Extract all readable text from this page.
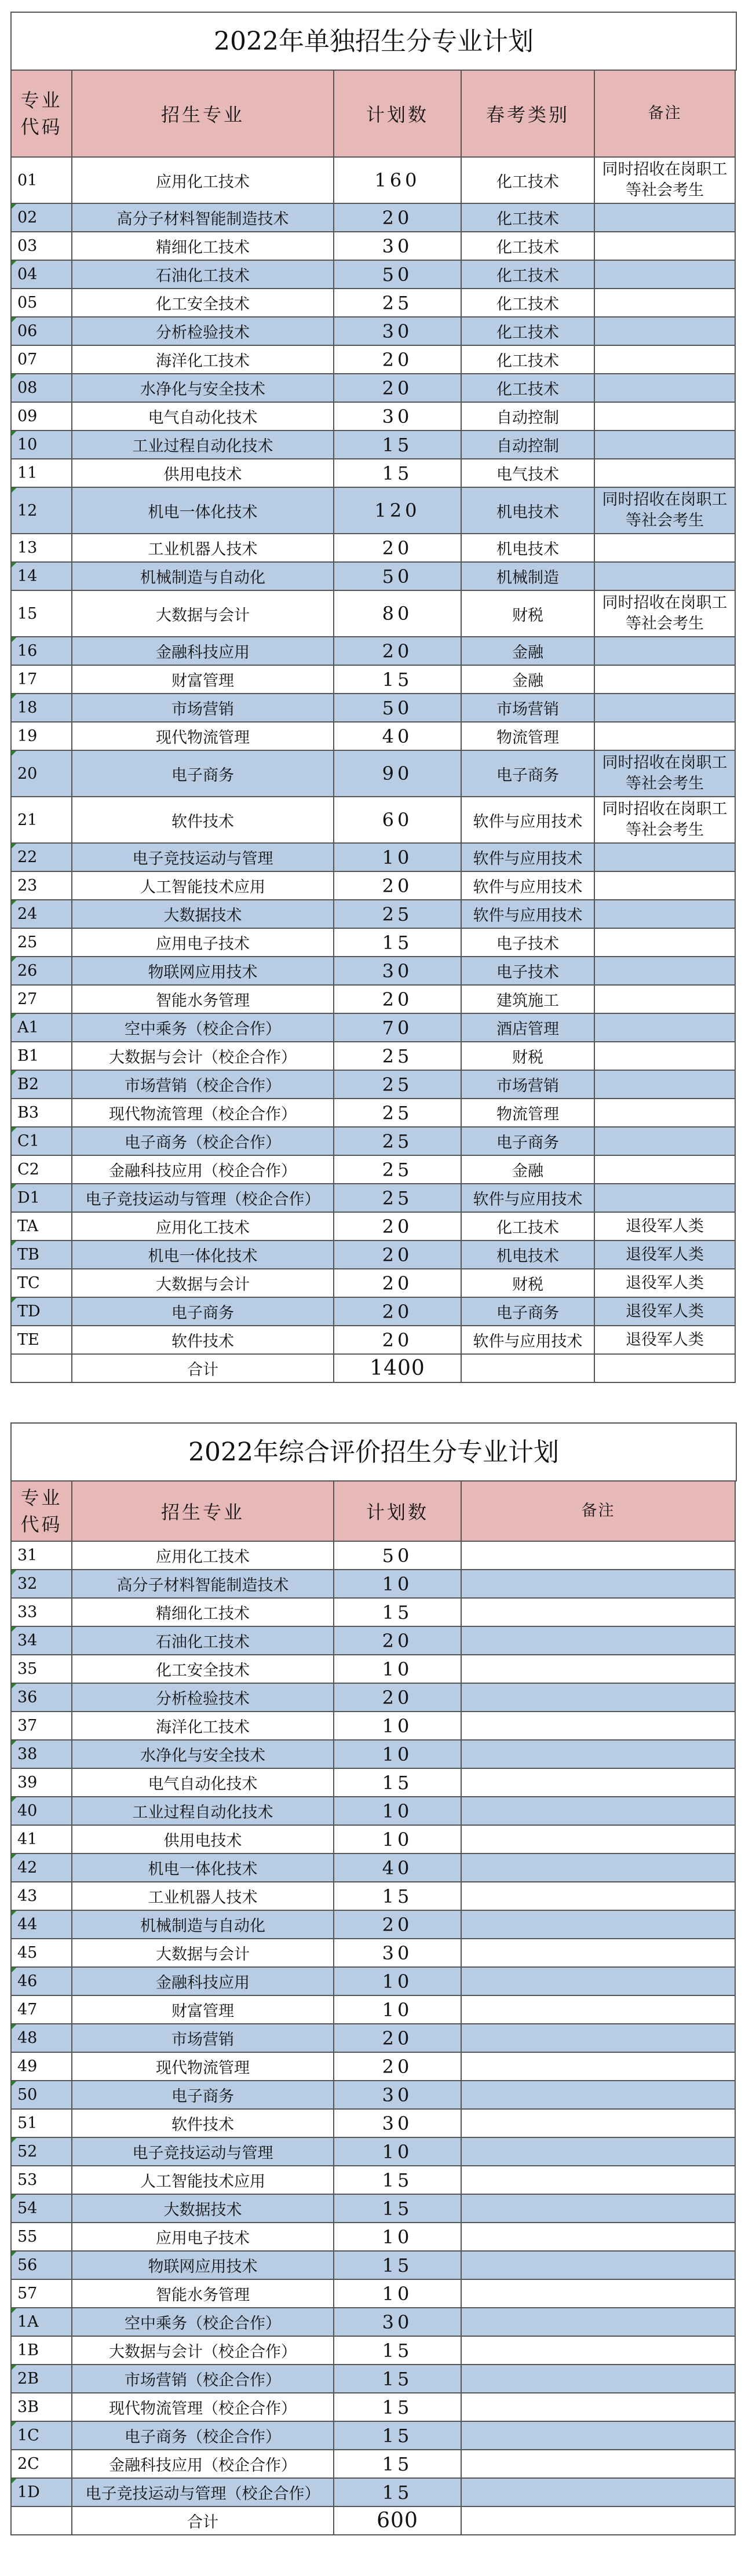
2022年单独招生分专业计划
专业
代码	招生专业	计划数	春考类别	备注
01	应用化工技术	160	化工技术	同时招收在岗职工等社会考生
02	高分子材料智能制造技术	20	化工技术	
03	精细化工技术	30	化工技术	
04	石油化工技术	50	化工技术	
05	化工安全技术	25	化工技术	
06	分析检验技术	30	化工技术	
07	海洋化工技术	20	化工技术	
08	水净化与安全技术	20	化工技术	
09	电气自动化技术	30	自动控制	
10	工业过程自动化技术	15	自动控制	
11	供用电技术	15	电气技术	
12	机电一体化技术	120	机电技术	同时招收在岗职工等社会考生
13	工业机器人技术	20	机电技术	
14	机械制造与自动化	50	机械制造	
15	大数据与会计	80	财税	同时招收在岗职工等社会考生
16	金融科技应用	20	金融	
17	财富管理	15	金融	
18	市场营销	50	市场营销	
19	现代物流管理	40	物流管理	
20	电子商务	90	电子商务	同时招收在岗职工等社会考生
21	软件技术	60	软件与应用技术	同时招收在岗职工等社会考生
22	电子竞技运动与管理	10	软件与应用技术	
23	人工智能技术应用	20	软件与应用技术	
24	大数据技术	25	软件与应用技术	
25	应用电子技术	15	电子技术	
26	物联网应用技术	30	电子技术	
27	智能水务管理	20	建筑施工	
A1	空中乘务（校企合作）	70	酒店管理	
B1	大数据与会计（校企合作）	25	财税	
B2	市场营销（校企合作）	25	市场营销	
B3	现代物流管理（校企合作）	25	物流管理	
C1	电子商务（校企合作）	25	电子商务	
C2	金融科技应用（校企合作）	25	金融	
D1	电子竞技运动与管理（校企合作）	25	软件与应用技术	
TA	应用化工技术	20	化工技术	退役军人类
TB	机电一体化技术	20	机电技术	退役军人类
TC	大数据与会计	20	财税	退役军人类
TD	电子商务	20	电子商务	退役军人类
TE	软件技术	20	软件与应用技术	退役军人类
	合计	1400		
2022年综合评价招生分专业计划
专业
代码	招生专业	计划数	备注
31	应用化工技术	50	
32	高分子材料智能制造技术	10	
33	精细化工技术	15	
34	石油化工技术	20	
35	化工安全技术	10	
36	分析检验技术	20	
37	海洋化工技术	10	
38	水净化与安全技术	10	
39	电气自动化技术	15	
40	工业过程自动化技术	10	
41	供用电技术	10	
42	机电一体化技术	40	
43	工业机器人技术	15	
44	机械制造与自动化	20	
45	大数据与会计	30	
46	金融科技应用	10	
47	财富管理	10	
48	市场营销	20	
49	现代物流管理	20	
50	电子商务	30	
51	软件技术	30	
52	电子竞技运动与管理	10	
53	人工智能技术应用	15	
54	大数据技术	15	
55	应用电子技术	10	
56	物联网应用技术	15	
57	智能水务管理	10	
1A	空中乘务（校企合作）	30	
1B	大数据与会计（校企合作）	15	
2B	市场营销（校企合作）	15	
3B	现代物流管理（校企合作）	15	
1C	电子商务（校企合作）	15	
2C	金融科技应用（校企合作）	15	
1D	电子竞技运动与管理（校企合作）	15	
	合计	600	
